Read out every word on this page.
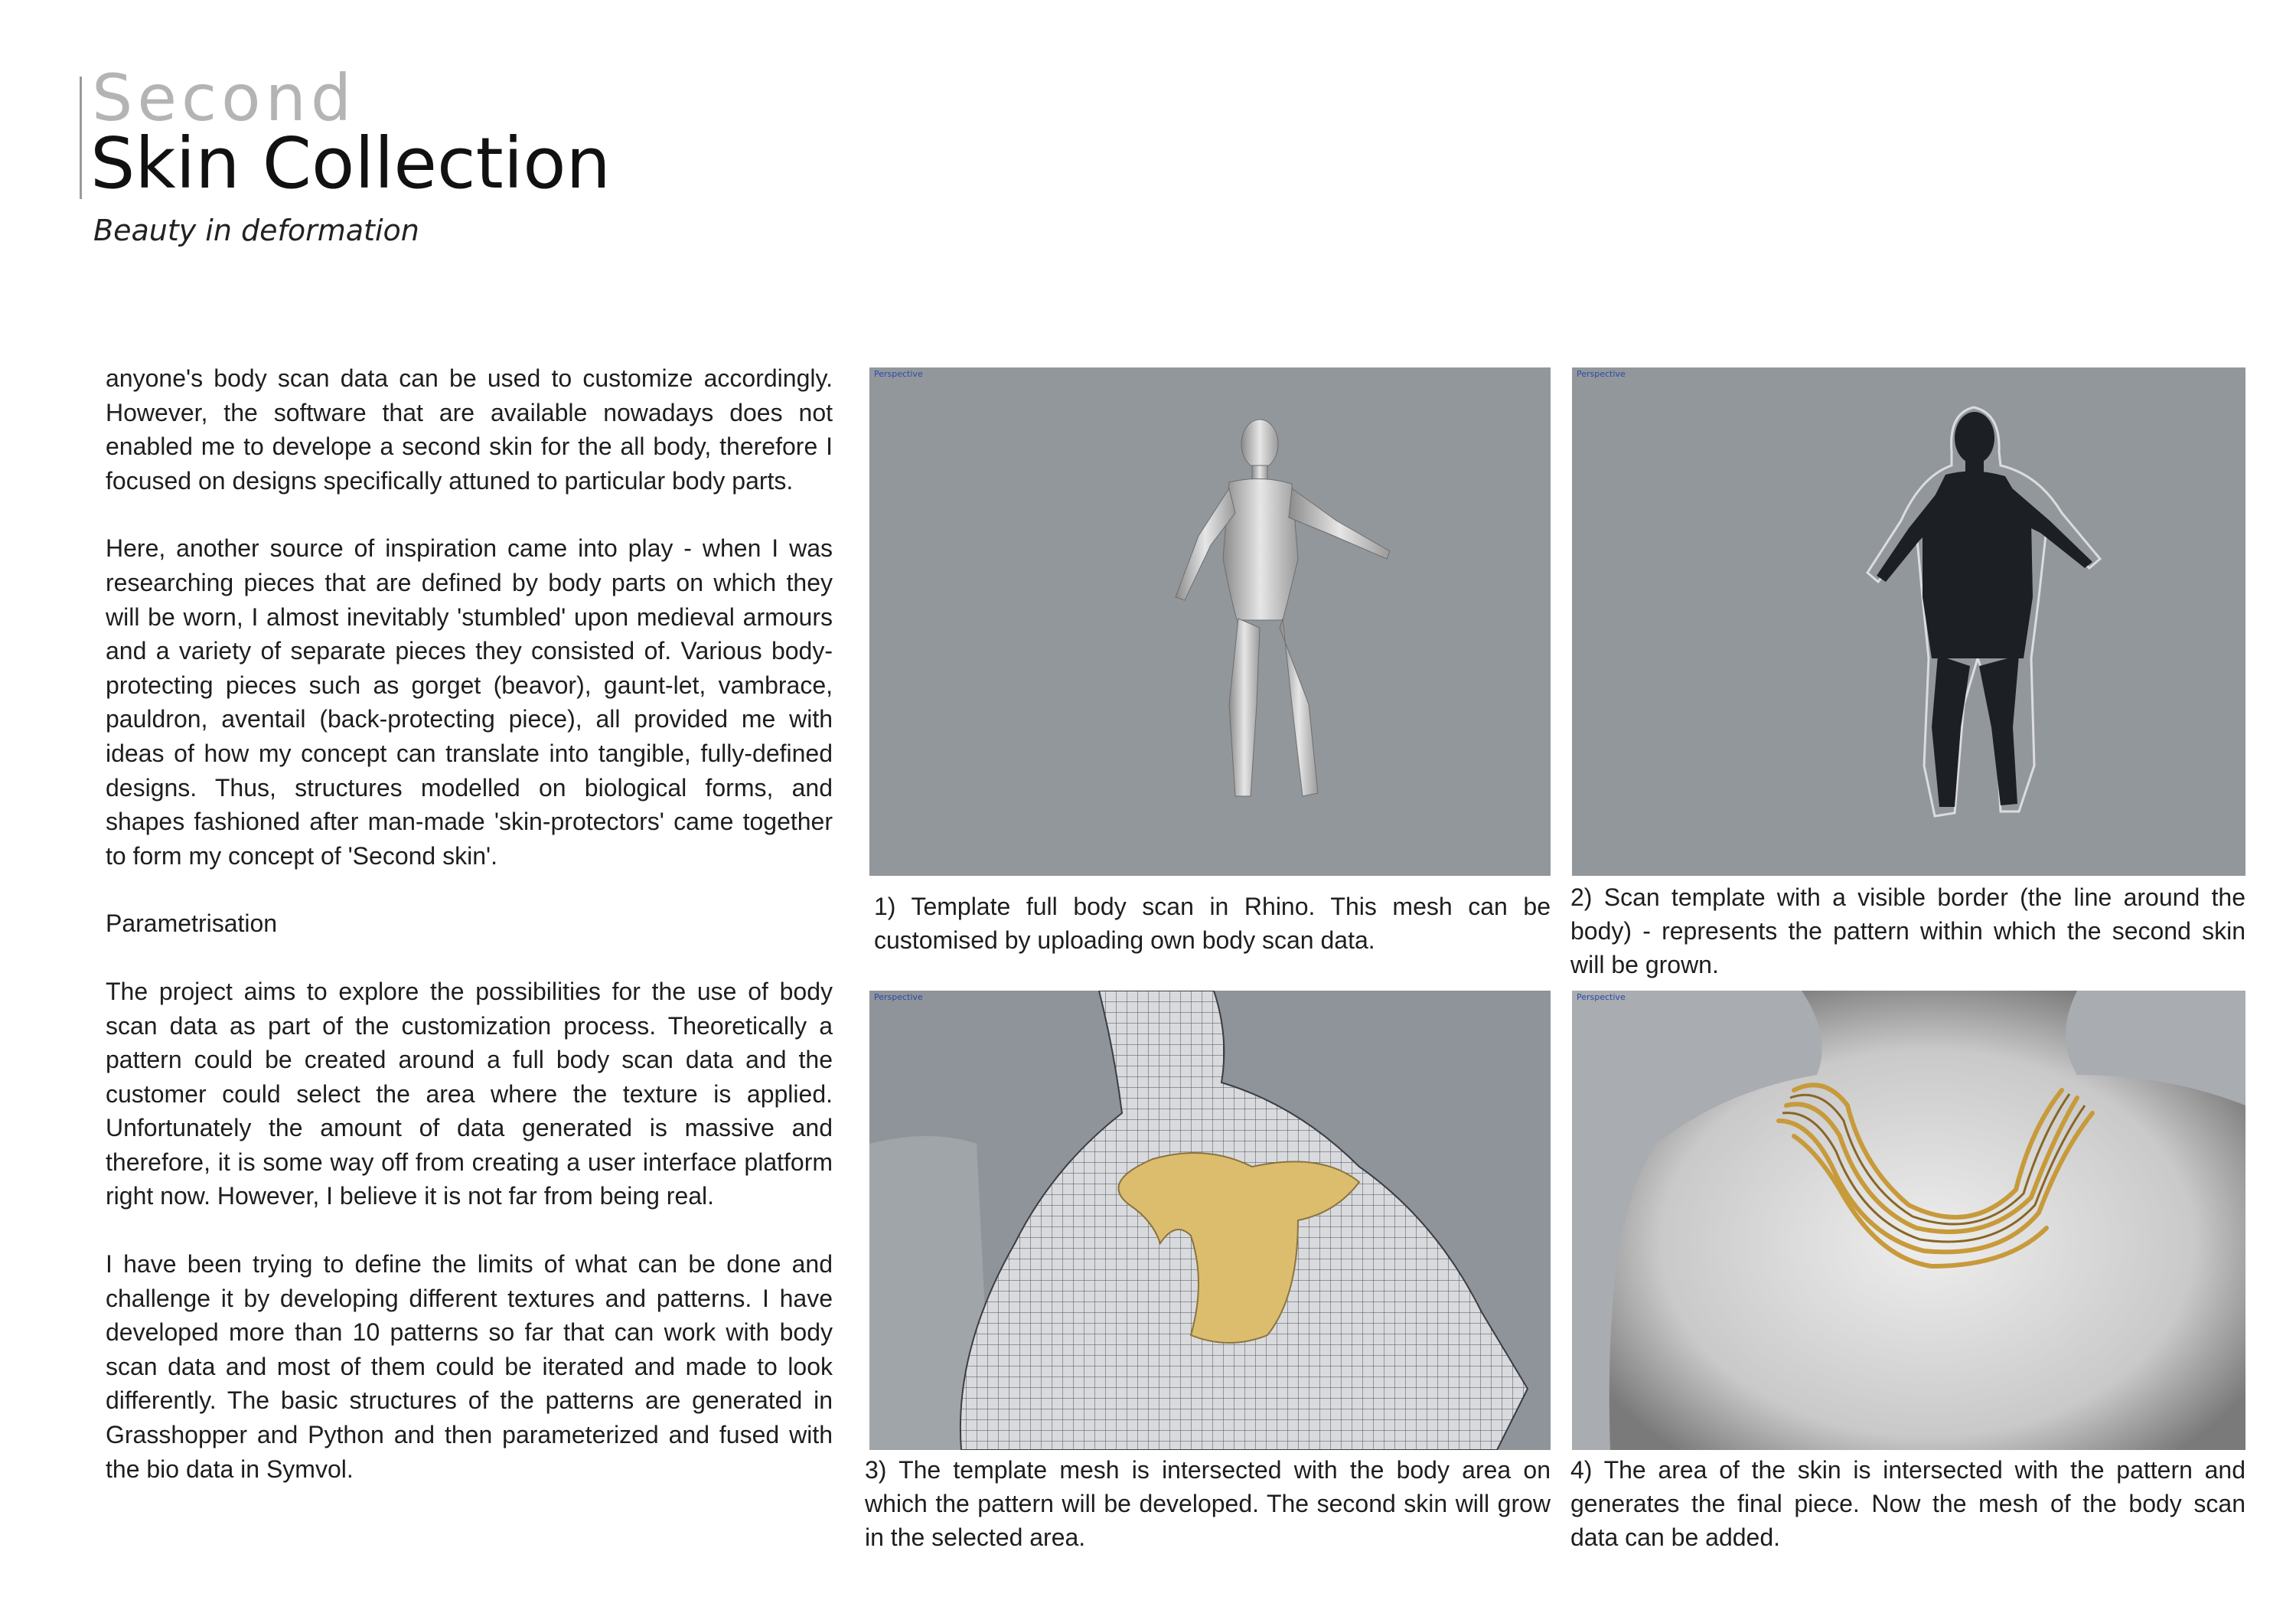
Second
Skin Collection
Beauty in deformation

anyone's body scan data can be used to customize accordingly. However, the software that are available nowadays does not enabled me to develope a second skin for the all body, therefore I focused on designs specifically attuned to particular body parts.

Here, another source of inspiration came into play - when I was researching pieces that are defined by body parts on which they will be worn, I almost inevitably 'stumbled' upon medieval armours and a variety of separate pieces they consisted of. Various body-protecting pieces such as gorget (beavor), gaunt-let, vambrace, pauldron, aventail (back-protecting piece), all provided me with ideas of how my concept can translate into tangible, fully-defined designs. Thus, structures modelled on biological forms, and shapes fashioned after man-made 'skin-protectors' came together to form my concept of 'Second skin'.

Parametrisation

The project aims to explore the possibilities for the use of body scan data as part of the customization process. Theoretically a pattern could be created around a full body scan data and the customer could select the area where the texture is applied. Unfortunately the amount of data generated is massive and therefore, it is some way off from creating a user interface platform right now. However, I believe it is not far from being real.

I have been trying to define the limits of what can be done and challenge it by developing different textures and patterns. I have developed more than 10 patterns so far that can work with body scan data and most of them could be iterated and made to look differently. The basic structures of the patterns are generated in Grasshopper and Python and then parameterized and fused with the bio data in Symvol.

Perspective
1) Template full body scan in Rhino. This mesh can be customised by uploading own body scan data.
Perspective
2) Scan template with a visible border (the line around the body) - represents the pattern within which the second skin will be grown.
Perspective
3) The template mesh is intersected with the body area on which the pattern will be developed. The second skin will grow in the selected area.
Perspective
4) The area of the skin is intersected with the pattern and generates the final piece. Now the mesh of the body scan data can be added.
